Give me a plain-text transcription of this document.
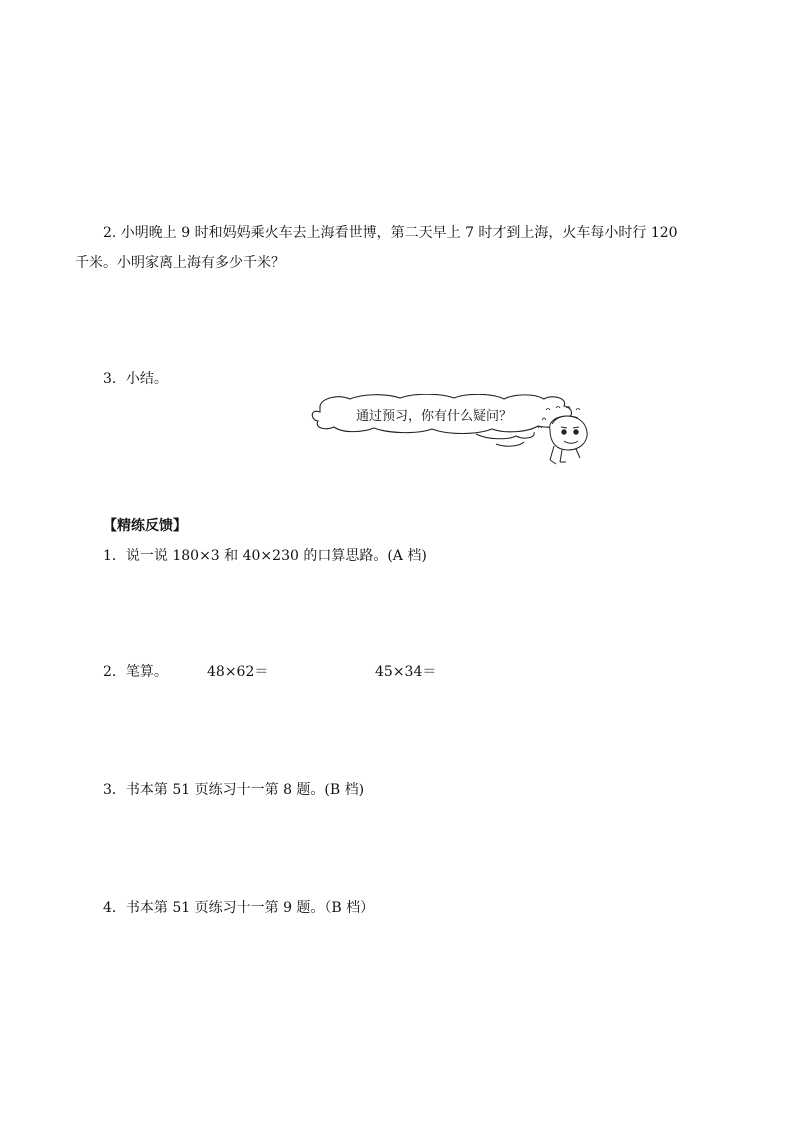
2. 小明晚上 9 时和妈妈乘火车去上海看世博，第二天早上 7 时才到上海，火车每小时行 120
千米。小明家离上海有多少千米？
3．小结。
通过预习，你有什么疑问？
【精练反馈】
1．说一说 180×3 和 40×230 的口算思路。(A 档)
2．笔算。	48×62＝	45×34＝
3．书本第 51 页练习十一第 8 题。(B 档)
4．书本第 51 页练习十一第 9 题。（B 档）
